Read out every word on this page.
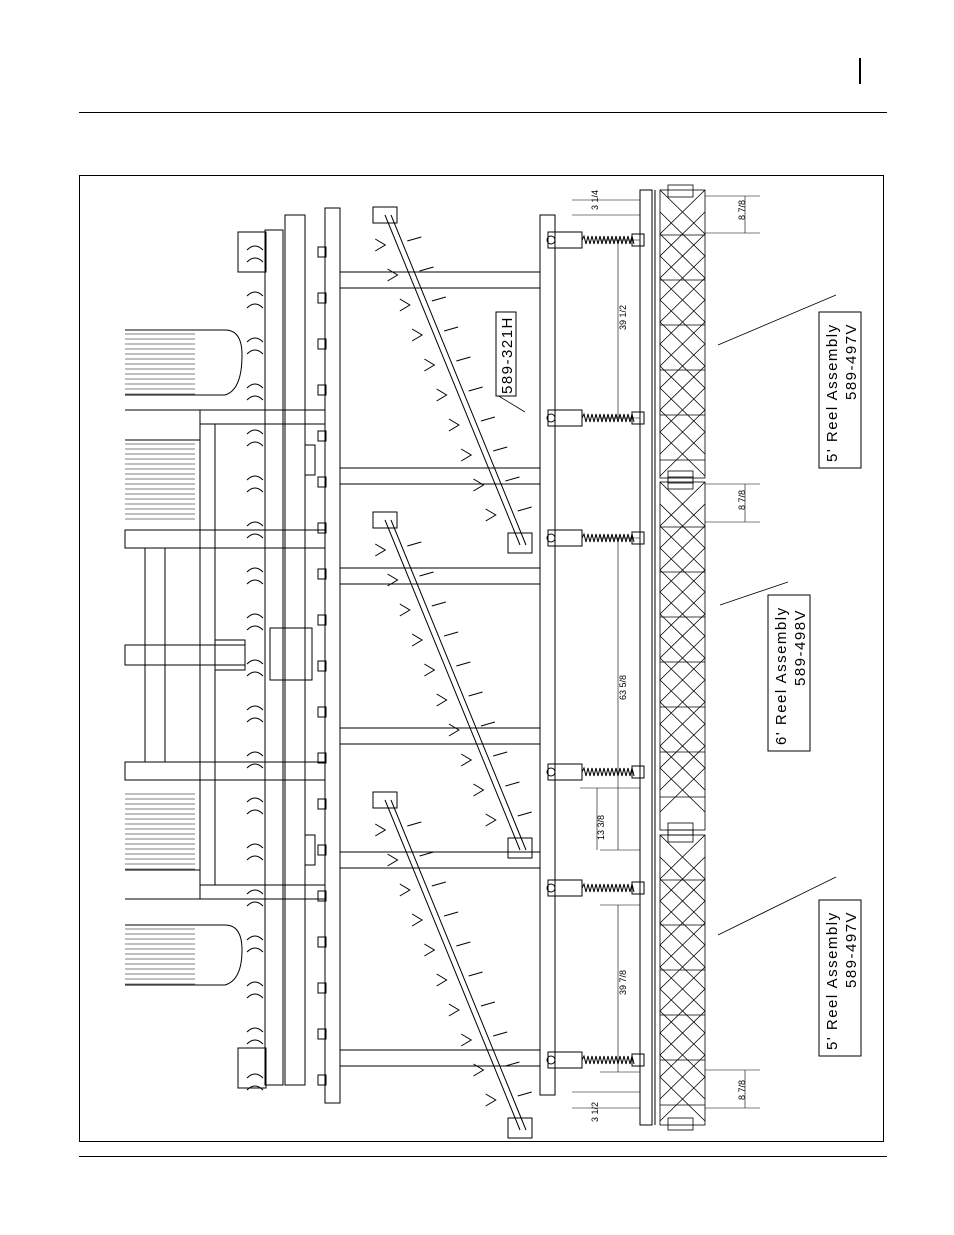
589-321H	5' Reel Assembly 589-497V
6' Reel Assembly 589-498V
5' Reel Assembly 589-497V
3 1/4	8 7/8
39 1/2
8 7/8
63 5/8
13 3/8
39 7/8
8 7/8
3 1/2
